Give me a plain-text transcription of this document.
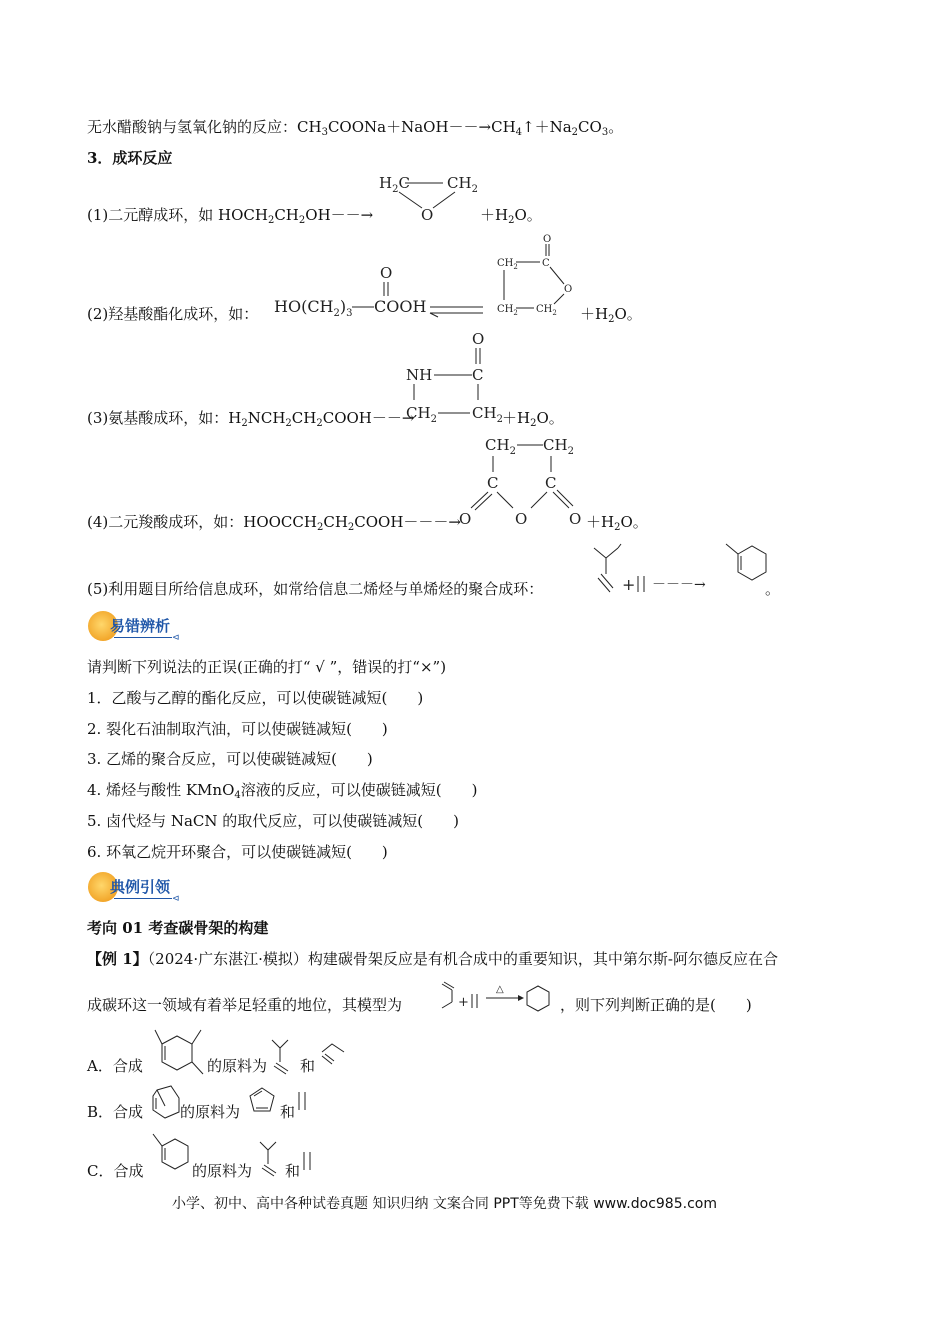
无水醋酸钠与氢氧化钠的反应：$CH_3COONa+NaOH--\to CH_4↑+Na_2CO_3$。
3．成环反应
(1)二元醇成环，如 $HOCH_2CH_2OH--\to$
$H_2C$ $CH_2$
O	$+H_2O$。
(2)羟基酸酯化成环，如：
O
$HO(CH_2)_3$ COOH
O
$CH_2$ C
O
$CH_2$ $CH_2 +H_2O$。
(3)氨基酸成环，如：$H_2NCH_2CH_2COOH--\to$
O
NH	C
$CH_2$ $CH_2 +H_2O$。
(4)二元羧酸成环，如：$HOOCCH_2CH_2COOH---\to$
$CH_2$ $CH_2$
C	C
O	O	$O +H_2O$。
(5)利用题目所给信息成环，如常给信息二烯烃与单烯烃的聚合成环：	+ －－－→	。
易错辨析
⊲
请判断下列说法的正误(正确的打“ √ ”，错误的打“×”)
1．乙酸与乙醇的酯化反应，可以使碳链减短(　　)
2. 裂化石油制取汽油，可以使碳链减短(　　)
3. 乙烯的聚合反应，可以使碳链减短(　　)
4. 烯烃与酸性 KMnO$_4$溶液的反应，可以使碳链减短(　　)
5. 卤代烃与 NaCN 的取代反应，可以使碳链减短(　　)
6. 环氧乙烷开环聚合，可以使碳链减短(　　)
典例引领
⊲
考向 01 考查碳骨架的构建
【例 1】（2024·广东湛江·模拟）构建碳骨架反应是有机合成中的重要知识，其中第尔斯-阿尔德反应在合
成碳环这一领域有着举足轻重的地位，其模型为	+
△
，则下列判断正确的是(　　)
A．合成	的原料为 和
B．合成 的原料为	和
C．合成	的原料为 和
小学、初中、高中各种试卷真题 知识归纳 文案合同 PPT等免费下载 www.doc985.com
